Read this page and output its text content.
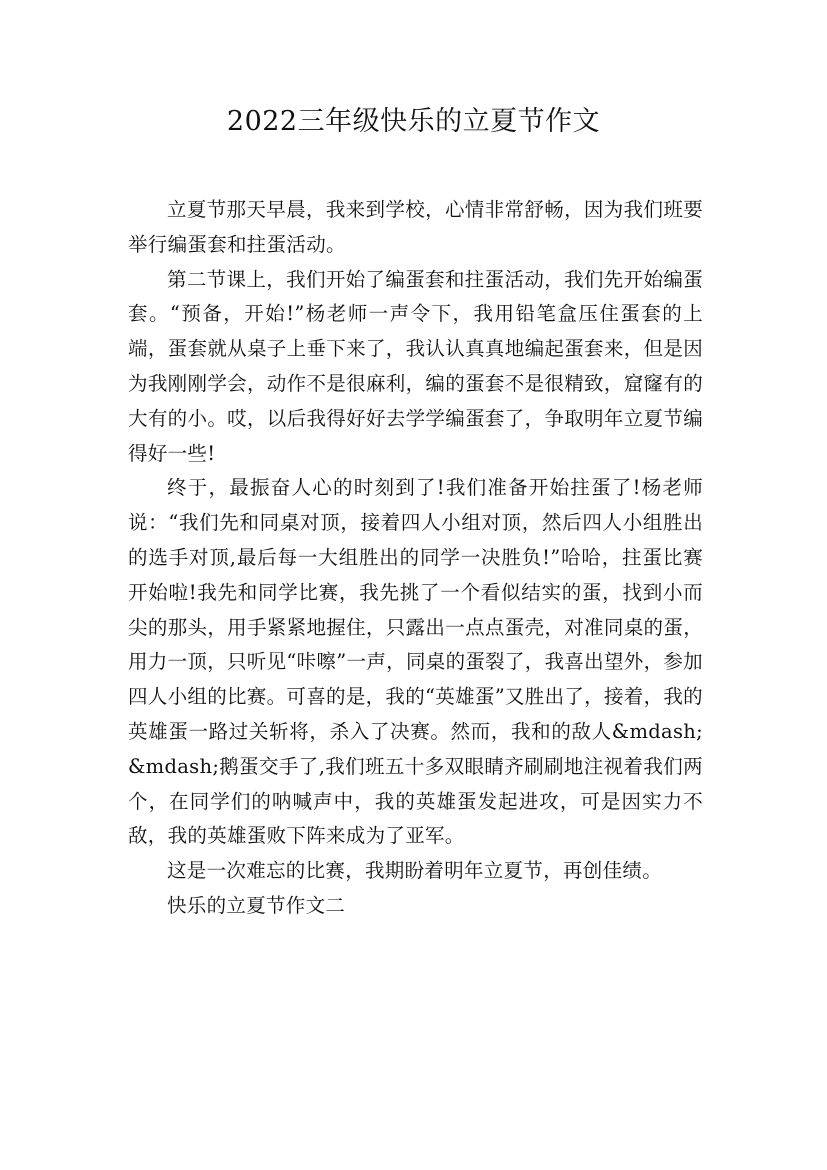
2022三年级快乐的立夏节作文

立夏节那天早晨，我来到学校，心情非常舒畅，因为我们班要举行编蛋套和拄蛋活动。

第二节课上，我们开始了编蛋套和拄蛋活动，我们先开始编蛋套。“预备，开始!”杨老师一声令下，我用铅笔盒压住蛋套的上端，蛋套就从桌子上垂下来了，我认认真真地编起蛋套来，但是因为我刚刚学会，动作不是很麻利，编的蛋套不是很精致，窟窿有的大有的小。哎，以后我得好好去学学编蛋套了，争取明年立夏节编得好一些!

终于，最振奋人心的时刻到了!我们准备开始拄蛋了!杨老师说：“我们先和同桌对顶，接着四人小组对顶，然后四人小组胜出的选手对顶,最后每一大组胜出的同学一决胜负!”哈哈，拄蛋比赛开始啦!我先和同学比赛，我先挑了一个看似结实的蛋，找到小而尖的那头，用手紧紧地握住，只露出一点点蛋壳，对准同桌的蛋，用力一顶，只听见“咔嚓”一声，同桌的蛋裂了，我喜出望外，参加四人小组的比赛。可喜的是，我的“英雄蛋”又胜出了，接着，我的英雄蛋一路过关斩将，杀入了决赛。然而，我和的敌人&mdash;&mdash;鹅蛋交手了,我们班五十多双眼睛齐刷刷地注视着我们两个，在同学们的呐喊声中，我的英雄蛋发起进攻，可是因实力不敌，我的英雄蛋败下阵来成为了亚军。

这是一次难忘的比赛，我期盼着明年立夏节，再创佳绩。

快乐的立夏节作文二
